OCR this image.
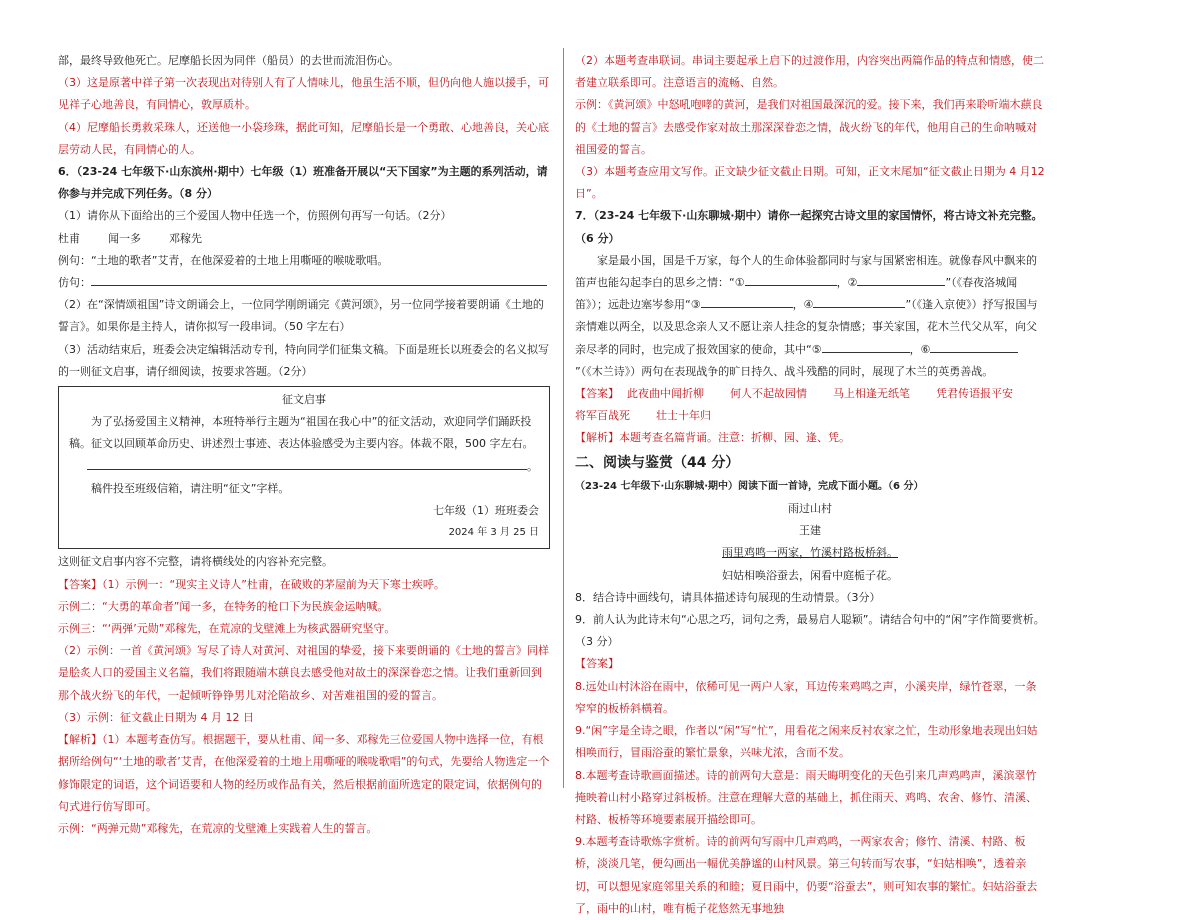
部，最终导致他死亡。尼摩船长因为同伴（船员）的去世而流泪伤心。

（3）这是原著中祥子第一次表现出对待别人有了人情味儿，他虽生活不顺，但仍向他人施以援手，可见祥子心地善良，有同情心，敦厚质朴。

（4）尼摩船长勇救采珠人，还送他一小袋珍珠，据此可知，尼摩船长是一个勇敢、心地善良，关心底层劳动人民，有同情心的人。

6．（23-24 七年级下·山东滨州·期中）七年级（1）班准备开展以“天下国家”为主题的系列活动，请你参与并完成下列任务。（8 分）

（1）请你从下面给出的三个爱国人物中任选一个，仿照例句再写一句话。（2分）

杜甫	闻一多	邓稼先

例句：“土地的歌者”艾青，在他深爱着的土地上用嘶哑的喉咙歌唱。

仿句：

（2）在“深情颂祖国”诗文朗诵会上，一位同学刚朗诵完《黄河颂》，另一位同学接着要朗诵《土地的誓言》。如果你是主持人，请你拟写一段串词。（50 字左右）

（3）活动结束后，班委会决定编辑活动专刊，特向同学们征集文稿。下面是班长以班委会的名义拟写的一则征文启事，请仔细阅读，按要求答题。（2分）

征文启事

为了弘扬爱国主义精神，本班特举行主题为“祖国在我心中”的征文活动，欢迎同学们踊跃投稿。征文以回顾革命历史、讲述烈士事迹、表达体验感受为主要内容。体裁不限，500 字左右。

。

稿件投至班级信箱，请注明“征文”字样。

七年级（1）班班委会

2024 年 3 月 25 日

这则征文启事内容不完整，请将横线处的内容补充完整。

【答案】（1）示例一：“现实主义诗人”杜甫，在破败的茅屋前为天下寒士疾呼。

示例二：“大勇的革命者”闻一多，在特务的枪口下为民族金运呐喊。

示例三：“‘两弹’元勋”邓稼先，在荒凉的戈壁滩上为核武器研究坚守。

（2）示例：一首《黄河颂》写尽了诗人对黄河、对祖国的挚爱，接下来要朗诵的《土地的誓言》同样是脍炙人口的爱国主义名篇，我们将跟随端木蕻良去感受他对故土的深深眷恋之情。让我们重新回到那个战火纷飞的年代，一起倾听铮铮男儿对沦陷故乡、对苦难祖国的爱的誓言。

（3）示例：征文截止日期为 4 月 12 日

【解析】（1）本题考查仿写。根据题干，要从杜甫、闻一多、邓稼先三位爱国人物中选择一位，有根据所给例句“‘土地的歌者’艾青，在他深爱着的土地上用嘶哑的喉咙歌唱”的句式，先要给人物选定一个修饰限定的词语，这个词语要和人物的经历或作品有关，然后根据前面所选定的限定词，依据例句的句式进行仿写即可。

示例：“两弹元勋”邓稼先，在荒凉的戈壁滩上实践着人生的誓言。

（2）本题考查串联词。串词主要起承上启下的过渡作用，内容突出两篇作品的特点和情感，使二者建立联系即可。注意语言的流畅、自然。

示例：《黄河颂》中怒吼咆哮的黄河，是我们对祖国最深沉的爱。接下来，我们再来聆听端木蕻良的《土地的誓言》去感受作家对故土那深深眷恋之情，战火纷飞的年代，他用自己的生命呐喊对祖国爱的誓言。

（3）本题考查应用文写作。正文缺少征文截止日期。可知，正文末尾加“征文截止日期为 4 月12 日”。

7．（23-24 七年级下·山东聊城·期中）请你一起探究古诗文里的家国情怀，将古诗文补充完整。（6 分）

家是最小国，国是千万家，每个人的生命体验都同时与家与国紧密相连。就像春风中飘来的笛声也能勾起李白的思乡之情：“①	，②	”（《春夜洛城闻笛》）；远赴边塞岑参用“③	，④	”（《逢入京使》）抒写报国与亲情难以两全，以及思念亲人又不愿让亲人挂念的复杂情感；事关家国，花木兰代父从军，向父亲尽孝的同时，也完成了报效国家的使命，其中“⑤	，⑥”（《木兰诗》）两句在表现战争的旷日持久、战斗残酷的同时，展现了木兰的英勇善战。

【答案】 此夜曲中闻折柳 何人不起故园情 马上相逢无纸笔 凭君传语报平安将军百战死 壮士十年归

【解析】本题考查名篇背诵。注意：折柳、园、逢、凭。

二、阅读与鉴赏（44 分）

（23-24 七年级下·山东聊城·期中）阅读下面一首诗，完成下面小题。（6 分）

雨过山村

王建

雨里鸡鸣一两家，竹溪村路板桥斜。

妇姑相唤浴蚕去，闲看中庭栀子花。

8．结合诗中画线句，请具体描述诗句展现的生动情景。（3分）

9．前人认为此诗末句“心思之巧，词句之秀，最易启人聪颖”。请结合句中的“闲”字作简要赏析。（3 分）

【答案】

8.远处山村沐浴在雨中，依稀可见一两户人家，耳边传来鸡鸣之声，小溪夹岸，绿竹苍翠，一条窄窄的板桥斜横着。

9.“闲”字是全诗之眼，作者以“闲”写“忙”，用看花之闲来反衬农家之忙，生动形象地表现出妇姑相唤而行，冒雨浴蚕的繁忙景象，兴味尤浓，含而不发。

8.本题考查诗歌画面描述。诗的前两句大意是：雨天晦明变化的天色引来几声鸡鸣声，溪滨翠竹掩映着山村小路穿过斜板桥。注意在理解大意的基础上，抓住雨天、鸡鸣、农舍、修竹、清溪、村路、板桥等环境要素展开描绘即可。

9.本题考查诗歌炼字赏析。诗的前两句写雨中几声鸡鸣，一两家农舍；修竹、清溪、村路、板桥，淡淡几笔，便勾画出一幅优美静谧的山村风景。第三句转而写农事，“妇姑相唤”，透着亲切，可以想见家庭邻里关系的和睦；夏日雨中，仍要“浴蚕去”，则可知农事的繁忙。妇姑浴蚕去了，雨中的山村，唯有栀子花悠然无事地独
